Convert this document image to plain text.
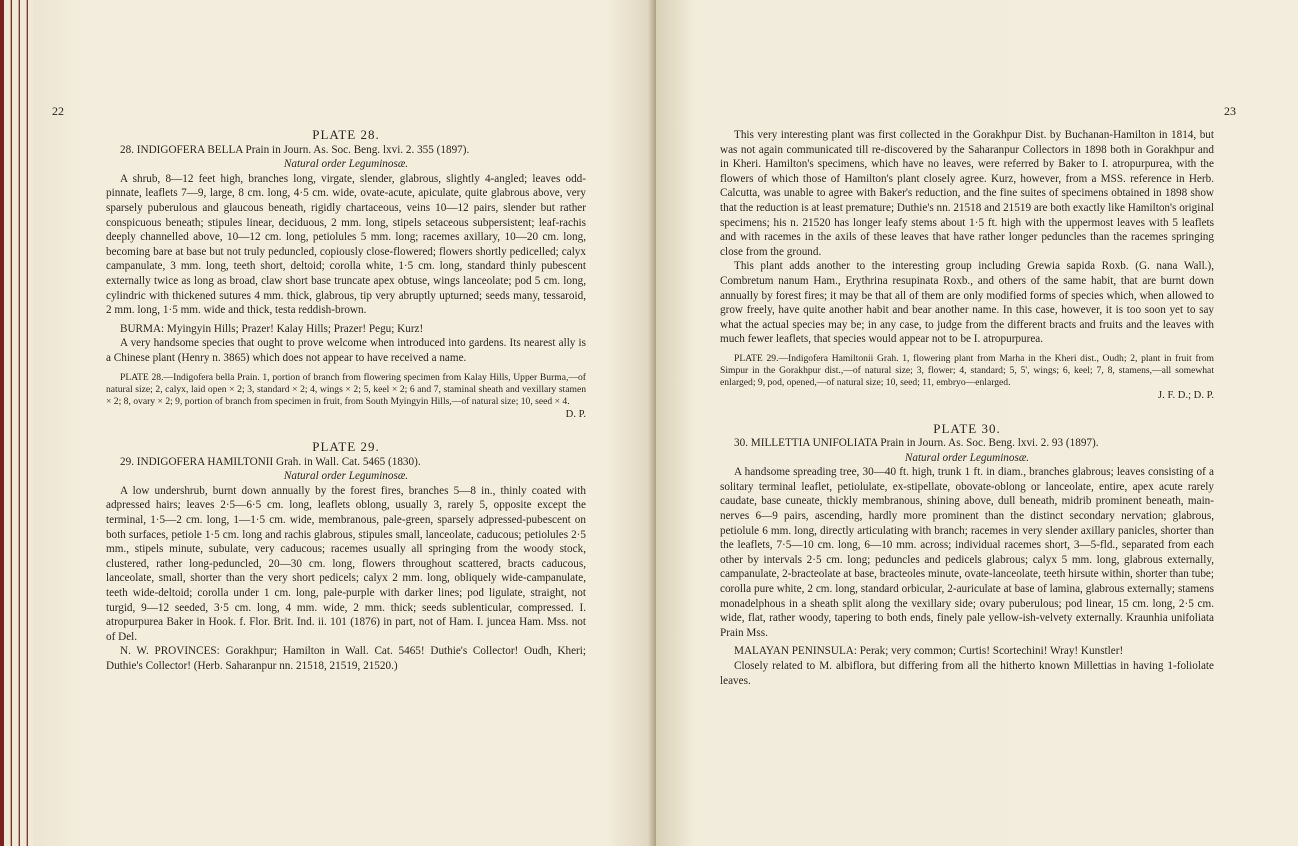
22

PLATE 28.

28. INDIGOFERA BELLA Prain in Journ. As. Soc. Beng. lxvi. 2. 355 (1897).

Natural order Leguminosæ.

A shrub, 8—12 feet high, branches long, virgate, slender, glabrous, slightly 4-angled; leaves odd-pinnate, leaflets 7—9, large, 8 cm. long, 4·5 cm. wide, ovate-acute, apiculate, quite glabrous above, very sparsely puberulous and glaucous beneath, rigidly chartaceous, veins 10—12 pairs, slender but rather conspicuous beneath; stipules linear, deciduous, 2 mm. long, stipels setaceous subpersistent; leaf-rachis deeply channelled above, 10—12 cm. long, petiolules 5 mm. long; racemes axillary, 10—20 cm. long, becoming bare at base but not truly peduncled, copiously close-flowered; flowers shortly pedicelled; calyx campanulate, 3 mm. long, teeth short, deltoid; corolla white, 1·5 cm. long, standard thinly pubescent externally twice as long as broad, claw short base truncate apex obtuse, wings lanceolate; pod 5 cm. long, cylindric with thickened sutures 4 mm. thick, glabrous, tip very abruptly upturned; seeds many, tessaroid, 2 mm. long, 1·5 mm. wide and thick, testa reddish-brown.

BURMA: Myingyin Hills; Prazer! Kalay Hills; Prazer! Pegu; Kurz!

A very handsome species that ought to prove welcome when introduced into gardens. Its nearest ally is a Chinese plant (Henry n. 3865) which does not appear to have received a name.

PLATE 28.—Indigofera bella Prain. 1, portion of branch from flowering specimen from Kalay Hills, Upper Burma,—of natural size; 2, calyx, laid open × 2; 3, standard × 2; 4, wings × 2; 5, keel × 2; 6 and 7, staminal sheath and vexillary stamen × 2; 8, ovary × 2; 9, portion of branch from specimen in fruit, from South Myingyin Hills,—of natural size; 10, seed × 4.

D. P.

PLATE 29.

29. INDIGOFERA HAMILTONII Grah. in Wall. Cat. 5465 (1830).

Natural order Leguminosæ.

A low undershrub, burnt down annually by the forest fires, branches 5—8 in., thinly coated with adpressed hairs; leaves 2·5—6·5 cm. long, leaflets oblong, usually 3, rarely 5, opposite except the terminal, 1·5—2 cm. long, 1—1·5 cm. wide, membranous, pale-green, sparsely adpressed-pubescent on both surfaces, petiole 1·5 cm. long and rachis glabrous, stipules small, lanceolate, caducous; petiolules 2·5 mm., stipels minute, subulate, very caducous; racemes usually all springing from the woody stock, clustered, rather long-peduncled, 20—30 cm. long, flowers throughout scattered, bracts caducous, lanceolate, small, shorter than the very short pedicels; calyx 2 mm. long, obliquely wide-campanulate, teeth wide-deltoid; corolla under 1 cm. long, pale-purple with darker lines; pod ligulate, straight, not turgid, 9—12 seeded, 3·5 cm. long, 4 mm. wide, 2 mm. thick; seeds sublenticular, compressed. I. atropurpurea Baker in Hook. f. Flor. Brit. Ind. ii. 101 (1876) in part, not of Ham. I. juncea Ham. Mss. not of Del.

N. W. PROVINCES: Gorakhpur; Hamilton in Wall. Cat. 5465! Duthie's Collector! Oudh, Kheri; Duthie's Collector! (Herb. Saharanpur nn. 21518, 21519, 21520.)

23

This very interesting plant was first collected in the Gorakhpur Dist. by Buchanan-Hamilton in 1814, but was not again communicated till re-discovered by the Saharanpur Collectors in 1898 both in Gorakhpur and in Kheri. Hamilton's specimens, which have no leaves, were referred by Baker to I. atropurpurea, with the flowers of which those of Hamilton's plant closely agree. Kurz, however, from a MSS. reference in Herb. Calcutta, was unable to agree with Baker's reduction, and the fine suites of specimens obtained in 1898 show that the reduction is at least premature; Duthie's nn. 21518 and 21519 are both exactly like Hamilton's original specimens; his n. 21520 has longer leafy stems about 1·5 ft. high with the uppermost leaves with 5 leaflets and with racemes in the axils of these leaves that have rather longer peduncles than the racemes springing close from the ground.

This plant adds another to the interesting group including Grewia sapida Roxb. (G. nana Wall.), Combretum nanum Ham., Erythrina resupinata Roxb., and others of the same habit, that are burnt down annually by forest fires; it may be that all of them are only modified forms of species which, when allowed to grow freely, have quite another habit and bear another name. In this case, however, it is too soon yet to say what the actual species may be; in any case, to judge from the different bracts and fruits and the leaves with much fewer leaflets, that species would appear not to be I. atropurpurea.

PLATE 29.—Indigofera Hamiltonii Grah. 1, flowering plant from Marha in the Kheri dist., Oudh; 2, plant in fruit from Simpur in the Gorakhpur dist.,—of natural size; 3, flower; 4, standard; 5, 5', wings; 6, keel; 7, 8, stamens,—all somewhat enlarged; 9, pod, opened,—of natural size; 10, seed; 11, embryo—enlarged.

J. F. D.; D. P.

PLATE 30.

30. MILLETTIA UNIFOLIATA Prain in Journ. As. Soc. Beng. lxvi. 2. 93 (1897).

Natural order Leguminosæ.

A handsome spreading tree, 30—40 ft. high, trunk 1 ft. in diam., branches glabrous; leaves consisting of a solitary terminal leaflet, petiolulate, ex-stipellate, obovate-oblong or lanceolate, entire, apex acute rarely caudate, base cuneate, thickly membranous, shining above, dull beneath, midrib prominent beneath, main-nerves 6—9 pairs, ascending, hardly more prominent than the distinct secondary nervation; glabrous, petiolule 6 mm. long, directly articulating with branch; racemes in very slender axillary panicles, shorter than the leaflets, 7·5—10 cm. long, 6—10 mm. across; individual racemes short, 3—5-fld., separated from each other by intervals 2·5 cm. long; peduncles and pedicels glabrous; calyx 5 mm. long, glabrous externally, campanulate, 2-bracteolate at base, bracteoles minute, ovate-lanceolate, teeth hirsute within, shorter than tube; corolla pure white, 2 cm. long, standard orbicular, 2-auriculate at base of lamina, glabrous externally; stamens monadelphous in a sheath split along the vexillary side; ovary puberulous; pod linear, 15 cm. long, 2·5 cm. wide, flat, rather woody, tapering to both ends, finely pale yellow-ish-velvety externally. Kraunhia unifoliata Prain Mss.

MALAYAN PENINSULA: Perak; very common; Curtis! Scortechini! Wray! Kunstler!

Closely related to M. albiflora, but differing from all the hitherto known Millettias in having 1-foliolate leaves.
